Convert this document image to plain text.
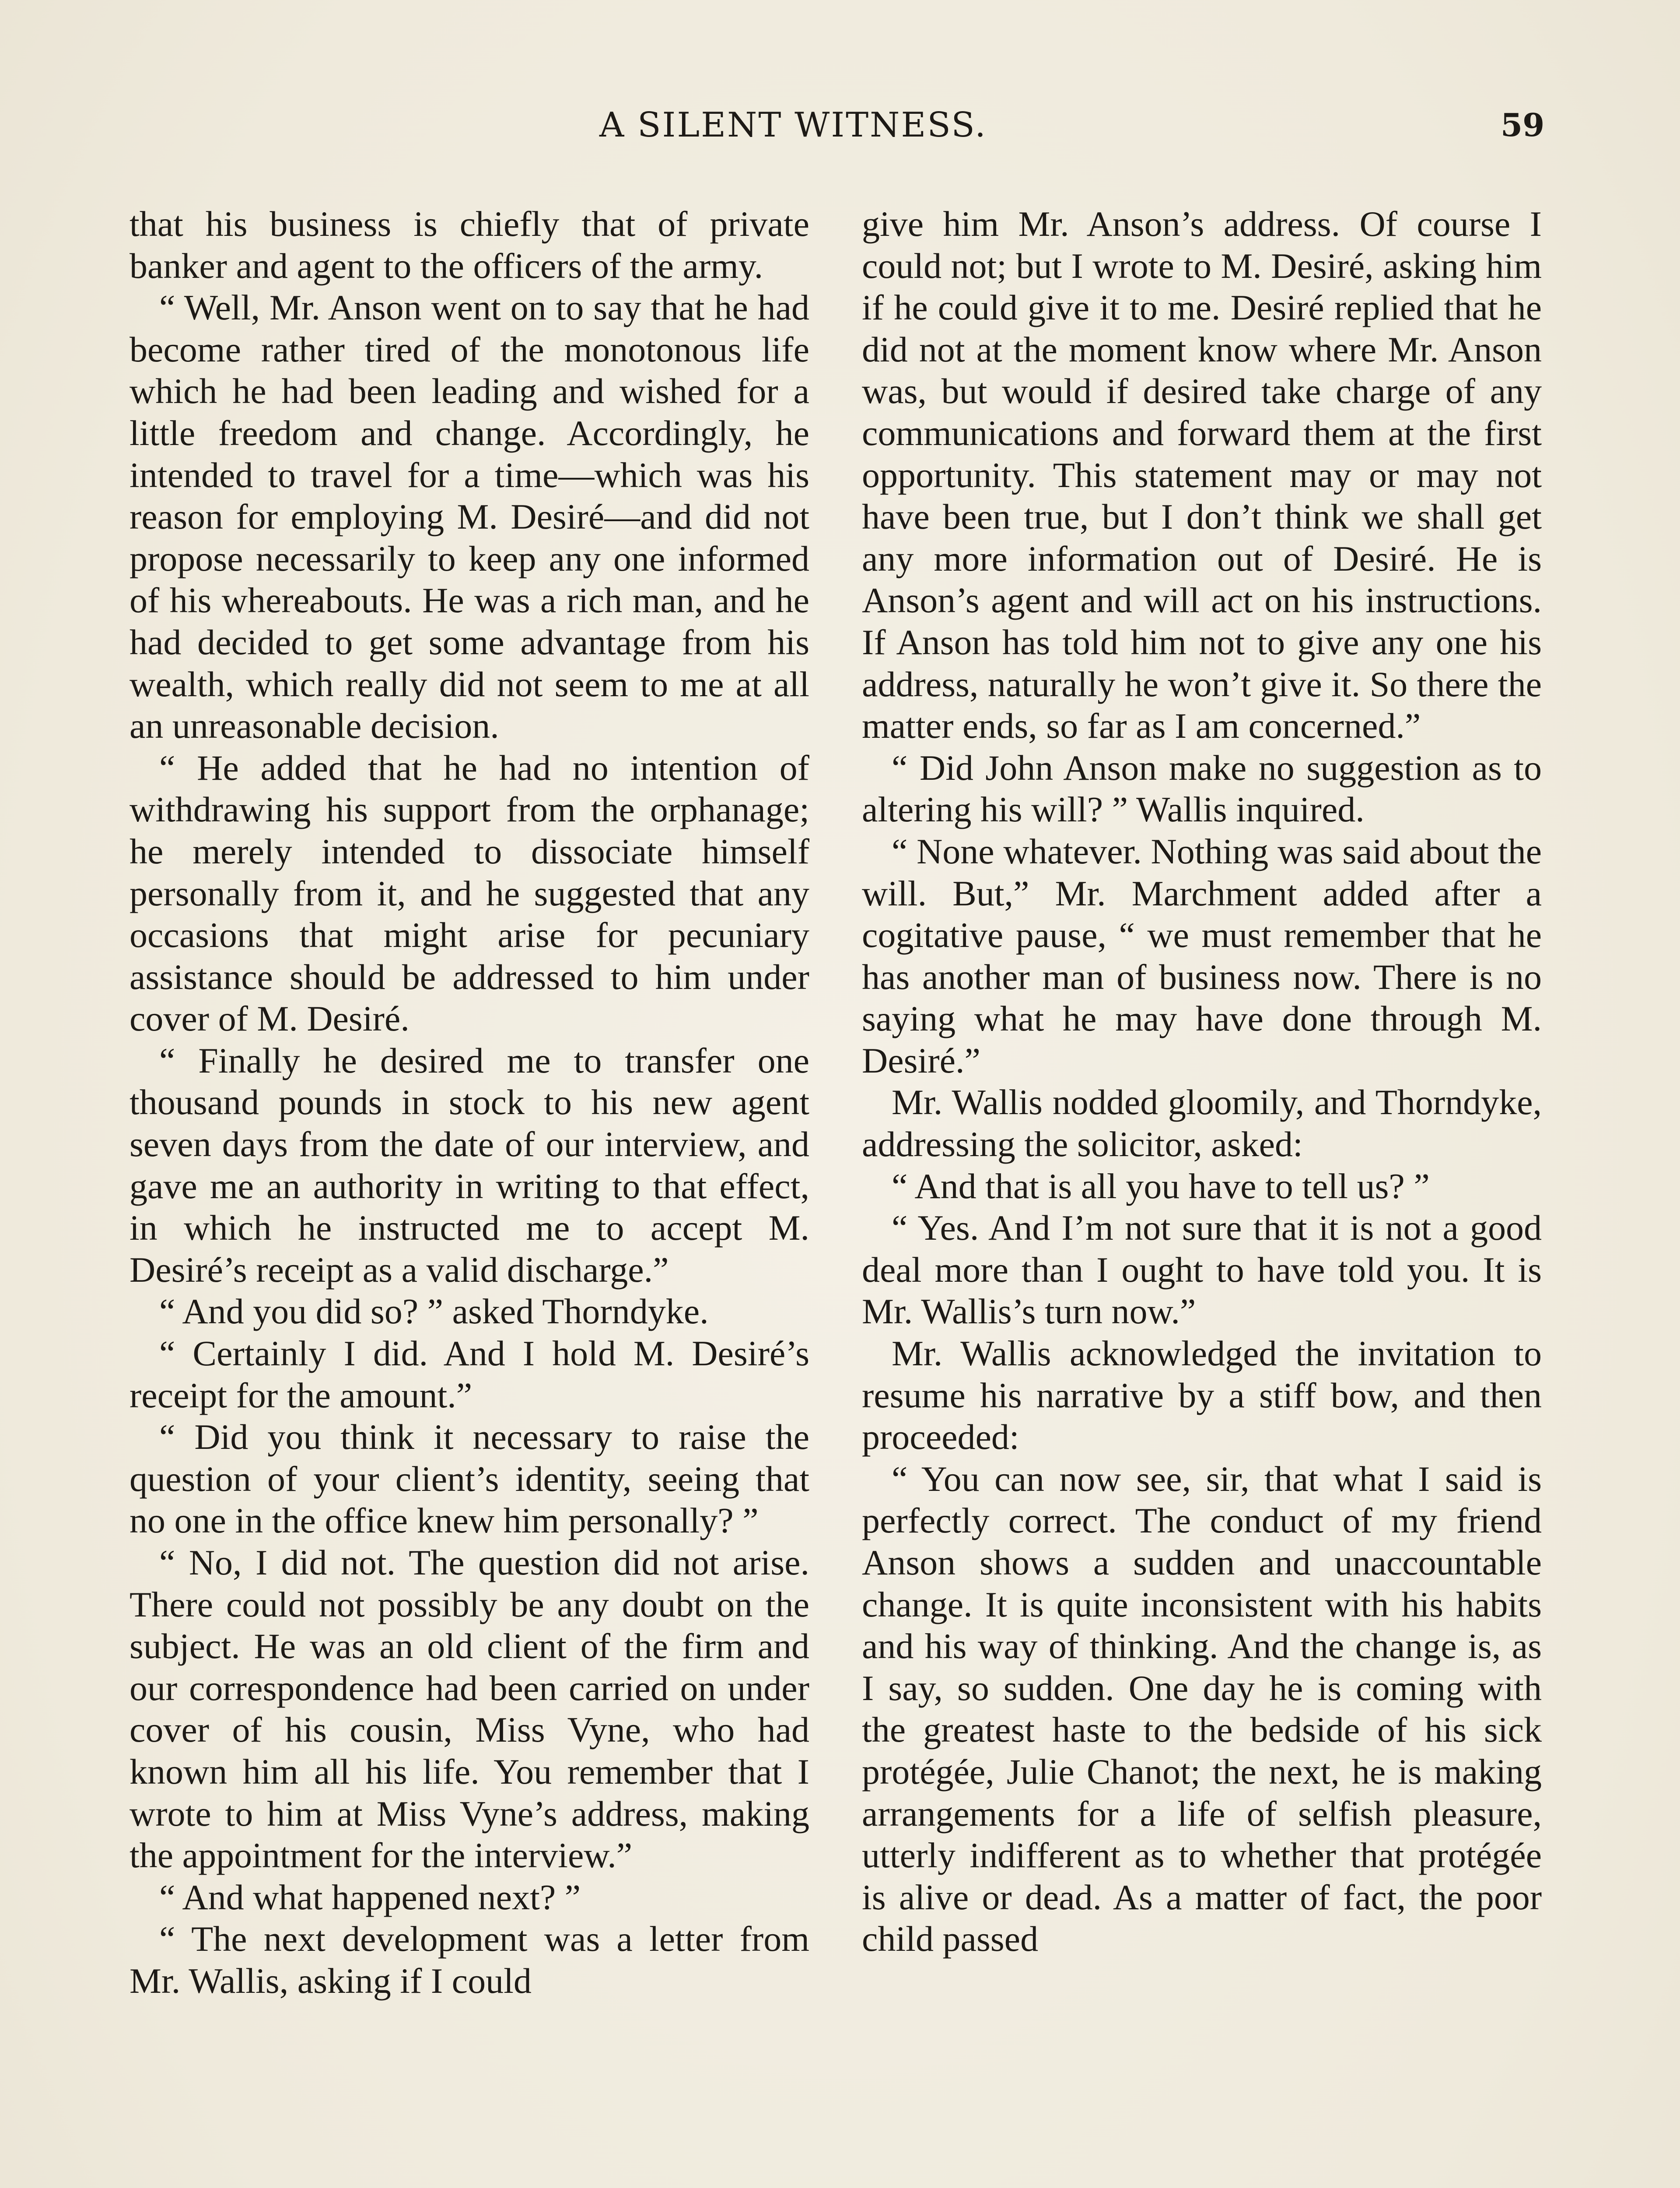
A SILENT WITNESS.	59

that his business is chiefly that of private banker and agent to the officers of the army.

“ Well, Mr. Anson went on to say that he had become rather tired of the monotonous life which he had been leading and wished for a little freedom and change. Accordingly, he intended to travel for a time—which was his reason for employing M. Desiré—and did not propose necessarily to keep any one informed of his whereabouts. He was a rich man, and he had decided to get some advantage from his wealth, which really did not seem to me at all an unreasonable decision.

“ He added that he had no intention of withdrawing his support from the orphanage; he merely intended to dissociate himself personally from it, and he suggested that any occasions that might arise for pecuniary assistance should be addressed to him under cover of M. Desiré.

“ Finally he desired me to transfer one thousand pounds in stock to his new agent seven days from the date of our interview, and gave me an authority in writing to that effect, in which he instructed me to accept M. Desiré’s receipt as a valid discharge.”

“ And you did so? ” asked Thorndyke.

“ Certainly I did. And I hold M. Desiré’s receipt for the amount.”

“ Did you think it necessary to raise the question of your client’s identity, seeing that no one in the office knew him personally? ”

“ No, I did not. The question did not arise. There could not possibly be any doubt on the subject. He was an old client of the firm and our correspondence had been carried on under cover of his cousin, Miss Vyne, who had known him all his life. You remember that I wrote to him at Miss Vyne’s address, making the appointment for the interview.”

“ And what happened next? ”

“ The next development was a letter from Mr. Wallis, asking if I could

give him Mr. Anson’s address. Of course I could not; but I wrote to M. Desiré, asking him if he could give it to me. Desiré replied that he did not at the moment know where Mr. Anson was, but would if desired take charge of any communications and forward them at the first opportunity. This statement may or may not have been true, but I don’t think we shall get any more information out of Desiré. He is Anson’s agent and will act on his instructions. If Anson has told him not to give any one his address, naturally he won’t give it. So there the matter ends, so far as I am concerned.”

“ Did John Anson make no suggestion as to altering his will? ” Wallis inquired.

“ None whatever. Nothing was said about the will. But,” Mr. Marchment added after a cogitative pause, “ we must remember that he has another man of business now. There is no saying what he may have done through M. Desiré.”

Mr. Wallis nodded gloomily, and Thorndyke, addressing the solicitor, asked:

“ And that is all you have to tell us? ”

“ Yes. And I’m not sure that it is not a good deal more than I ought to have told you. It is Mr. Wallis’s turn now.”

Mr. Wallis acknowledged the invitation to resume his narrative by a stiff bow, and then proceeded:

“ You can now see, sir, that what I said is perfectly correct. The conduct of my friend Anson shows a sudden and unaccountable change. It is quite inconsistent with his habits and his way of thinking. And the change is, as I say, so sudden. One day he is coming with the greatest haste to the bedside of his sick protégée, Julie Chanot; the next, he is making arrangements for a life of selfish pleasure, utterly indifferent as to whether that protégée is alive or dead. As a matter of fact, the poor child passed
